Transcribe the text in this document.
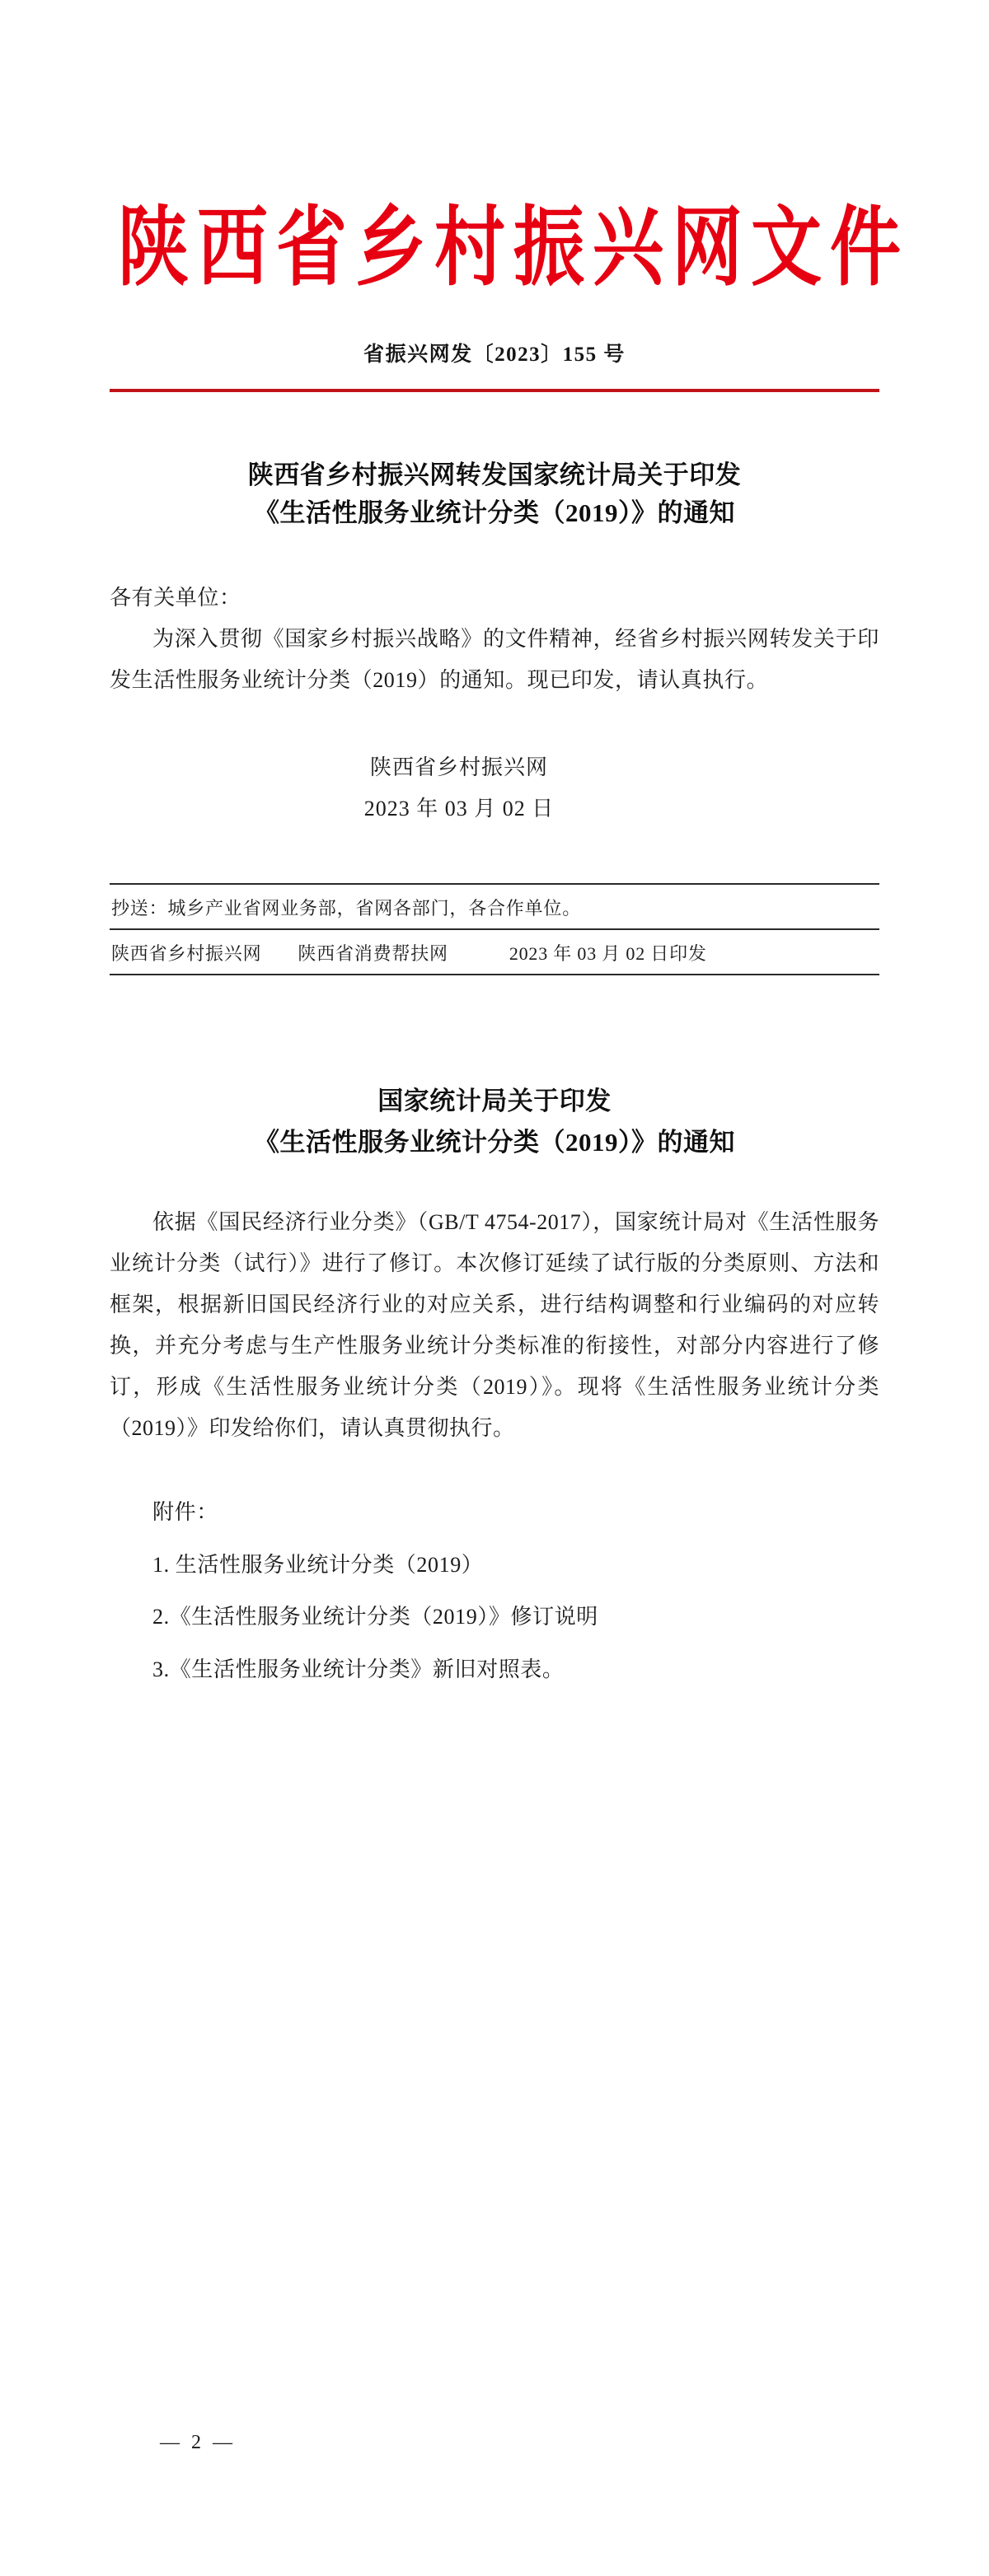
陕西省乡村振兴网文件
省振兴网发〔2023〕155 号
陕西省乡村振兴网转发国家统计局关于印发
《生活性服务业统计分类（2019）》的通知

各有关单位：

为深入贯彻《国家乡村振兴战略》的文件精神，经省乡村振兴网转发关于印发生活性服务业统计分类（2019）的通知。现已印发，请认真执行。

陕西省乡村振兴网
2023 年 03 月 02 日
抄送：城乡产业省网业务部，省网各部门，各合作单位。
陕西省乡村振兴网 陕西省消费帮扶网	2023 年 03 月 02 日印发
国家统计局关于印发
《生活性服务业统计分类（2019）》的通知

依据《国民经济行业分类》（GB/T 4754-2017），国家统计局对《生活性服务业统计分类（试行）》进行了修订。本次修订延续了试行版的分类原则、方法和框架，根据新旧国民经济行业的对应关系，进行结构调整和行业编码的对应转换，并充分考虑与生产性服务业统计分类标准的衔接性，对部分内容进行了修订，形成《生活性服务业统计分类（2019）》。现将《生活性服务业统计分类（2019）》印发给你们，请认真贯彻执行。

附件：

1. 生活性服务业统计分类（2019）

2.《生活性服务业统计分类（2019）》修订说明

3.《生活性服务业统计分类》新旧对照表。

— 2 —
